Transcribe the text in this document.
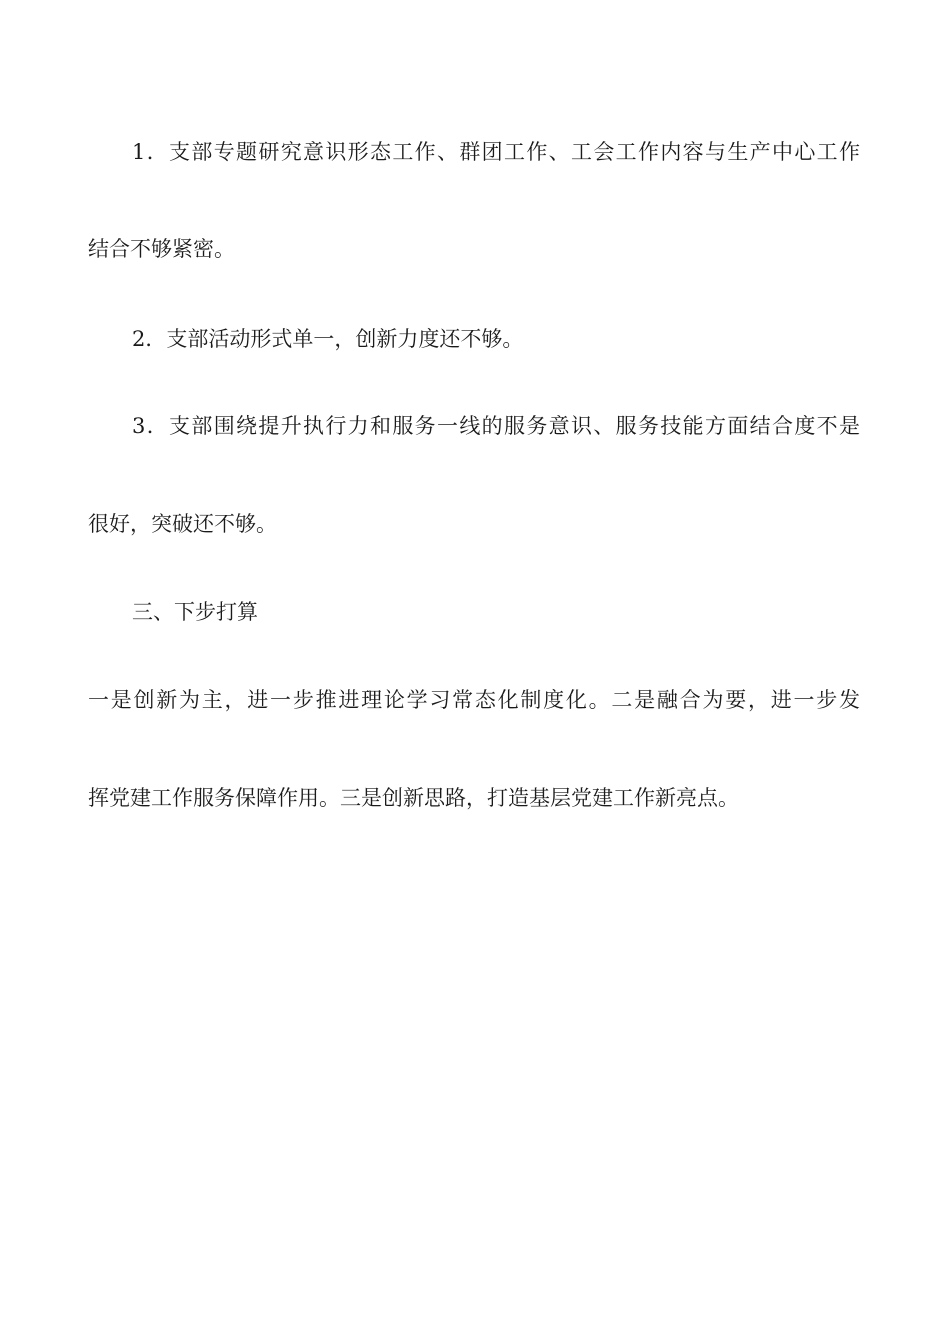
1．支部专题研究意识形态工作、群团工作、工会工作内容与生产中心工作
结合不够紧密。
2．支部活动形式单一，创新力度还不够。
3．支部围绕提升执行力和服务一线的服务意识、服务技能方面结合度不是
很好，突破还不够。
三、下步打算
一是创新为主，进一步推进理论学习常态化制度化。二是融合为要，进一步发
挥党建工作服务保障作用。三是创新思路，打造基层党建工作新亮点。
